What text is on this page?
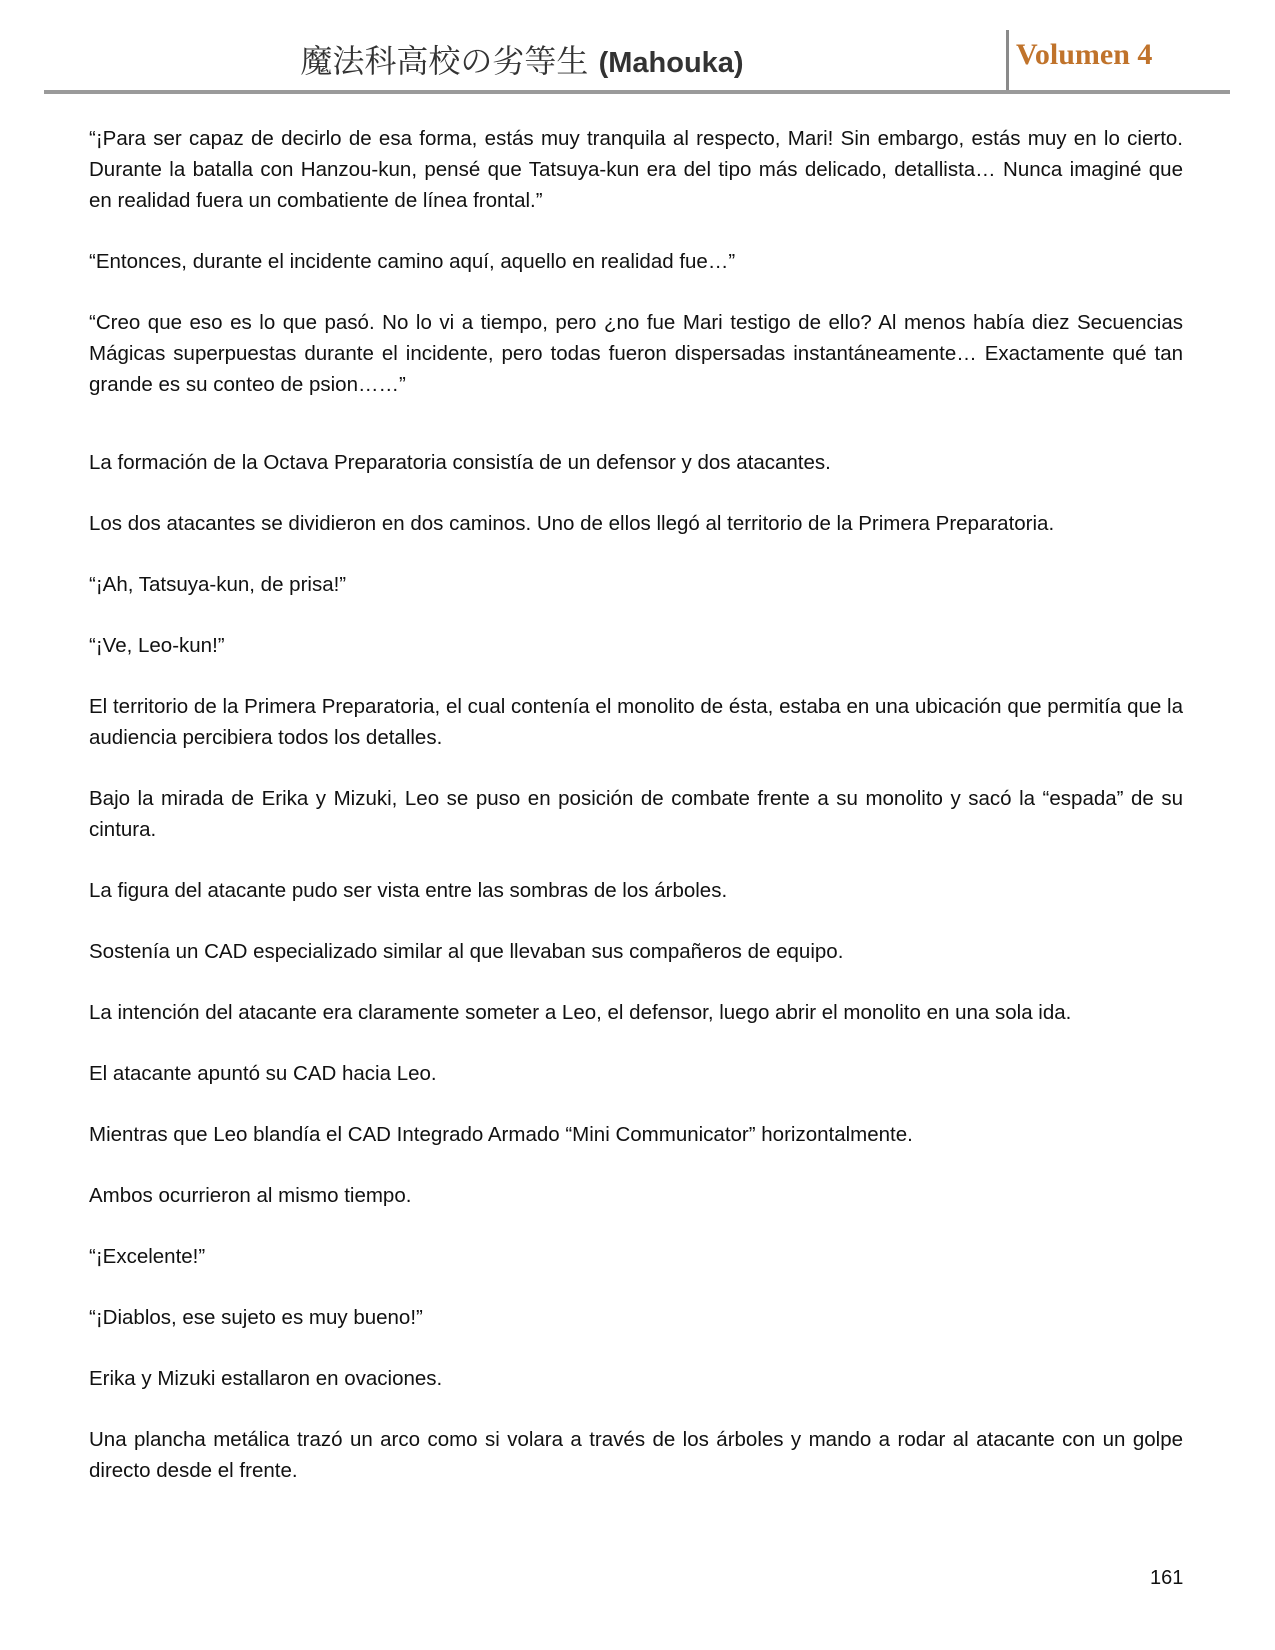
魔法科高校の劣等生 (Mahouka)	Volumen 4

“¡Para ser capaz de decirlo de esa forma, estás muy tranquila al respecto, Mari! Sin embargo, estás muy en lo cierto. Durante la batalla con Hanzou-kun, pensé que Tatsuya-kun era del tipo más delicado, detallista… Nunca imaginé que en realidad fuera un combatiente de línea frontal.”

“Entonces, durante el incidente camino aquí, aquello en realidad fue…”

“Creo que eso es lo que pasó. No lo vi a tiempo, pero ¿no fue Mari testigo de ello? Al menos había diez Secuencias Mágicas superpuestas durante el incidente, pero todas fueron dispersadas instantáneamente… Exactamente qué tan grande es su conteo de psion……”

La formación de la Octava Preparatoria consistía de un defensor y dos atacantes.

Los dos atacantes se dividieron en dos caminos. Uno de ellos llegó al territorio de la Primera Preparatoria.

“¡Ah, Tatsuya-kun, de prisa!”

“¡Ve, Leo-kun!”

El territorio de la Primera Preparatoria, el cual contenía el monolito de ésta, estaba en una ubicación que permitía que la audiencia percibiera todos los detalles.

Bajo la mirada de Erika y Mizuki, Leo se puso en posición de combate frente a su monolito y sacó la “espada” de su cintura.

La figura del atacante pudo ser vista entre las sombras de los árboles.

Sostenía un CAD especializado similar al que llevaban sus compañeros de equipo.

La intención del atacante era claramente someter a Leo, el defensor, luego abrir el monolito en una sola ida.

El atacante apuntó su CAD hacia Leo.

Mientras que Leo blandía el CAD Integrado Armado “Mini Communicator” horizontalmente.

Ambos ocurrieron al mismo tiempo.

“¡Excelente!”

“¡Diablos, ese sujeto es muy bueno!”

Erika y Mizuki estallaron en ovaciones.

Una plancha metálica trazó un arco como si volara a través de los árboles y mando a rodar al atacante con un golpe directo desde el frente.

161
